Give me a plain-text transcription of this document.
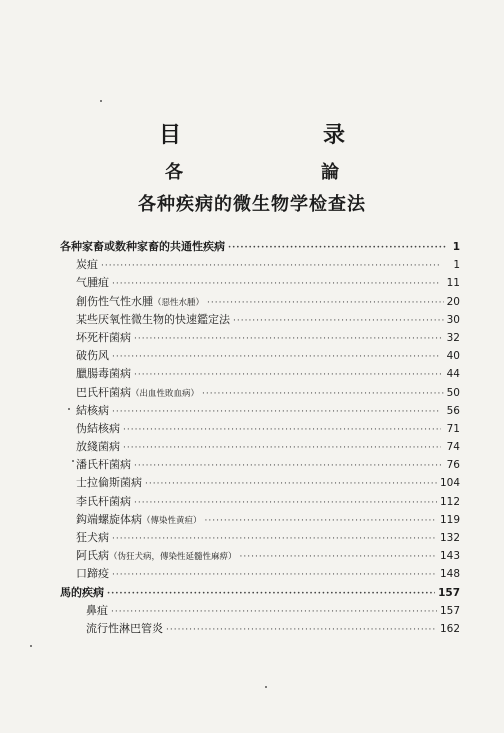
目　录
各　論
各种疾病的微生物学检查法
各种家畜或数种家畜的共通性疾病 ·····	1
炭疽 ·····	1
气腫疽 ·····	11
創伤性气性水腫 （惡性水腫） ·····	20
某些厌氧性微生物的快速鑑定法 ·····	30
坏死杆菌病 ·····	32
破伤风 ·····	40
臘腸毒菌病 ·····	44
巴氏杆菌病 （出血性敗血病） ·····	50
結核病 ·····	56
伪結核病 ·····	71
放綫菌病 ·····	74
潘氏杆菌病 ·····	76
士拉倫斯菌病 ·····	104
李氏杆菌病 ·····	112
鈎端螺旋体病 （傳染性黄疸） ·····	119
狂犬病 ·····	132
阿氏病 （伪狂犬病，傳染性延髓性麻痹） ·····	143
口蹄疫 ·····	148
馬的疾病 ·····	157
鼻疽 ·····	157
流行性淋巴管炎 ·····	162
